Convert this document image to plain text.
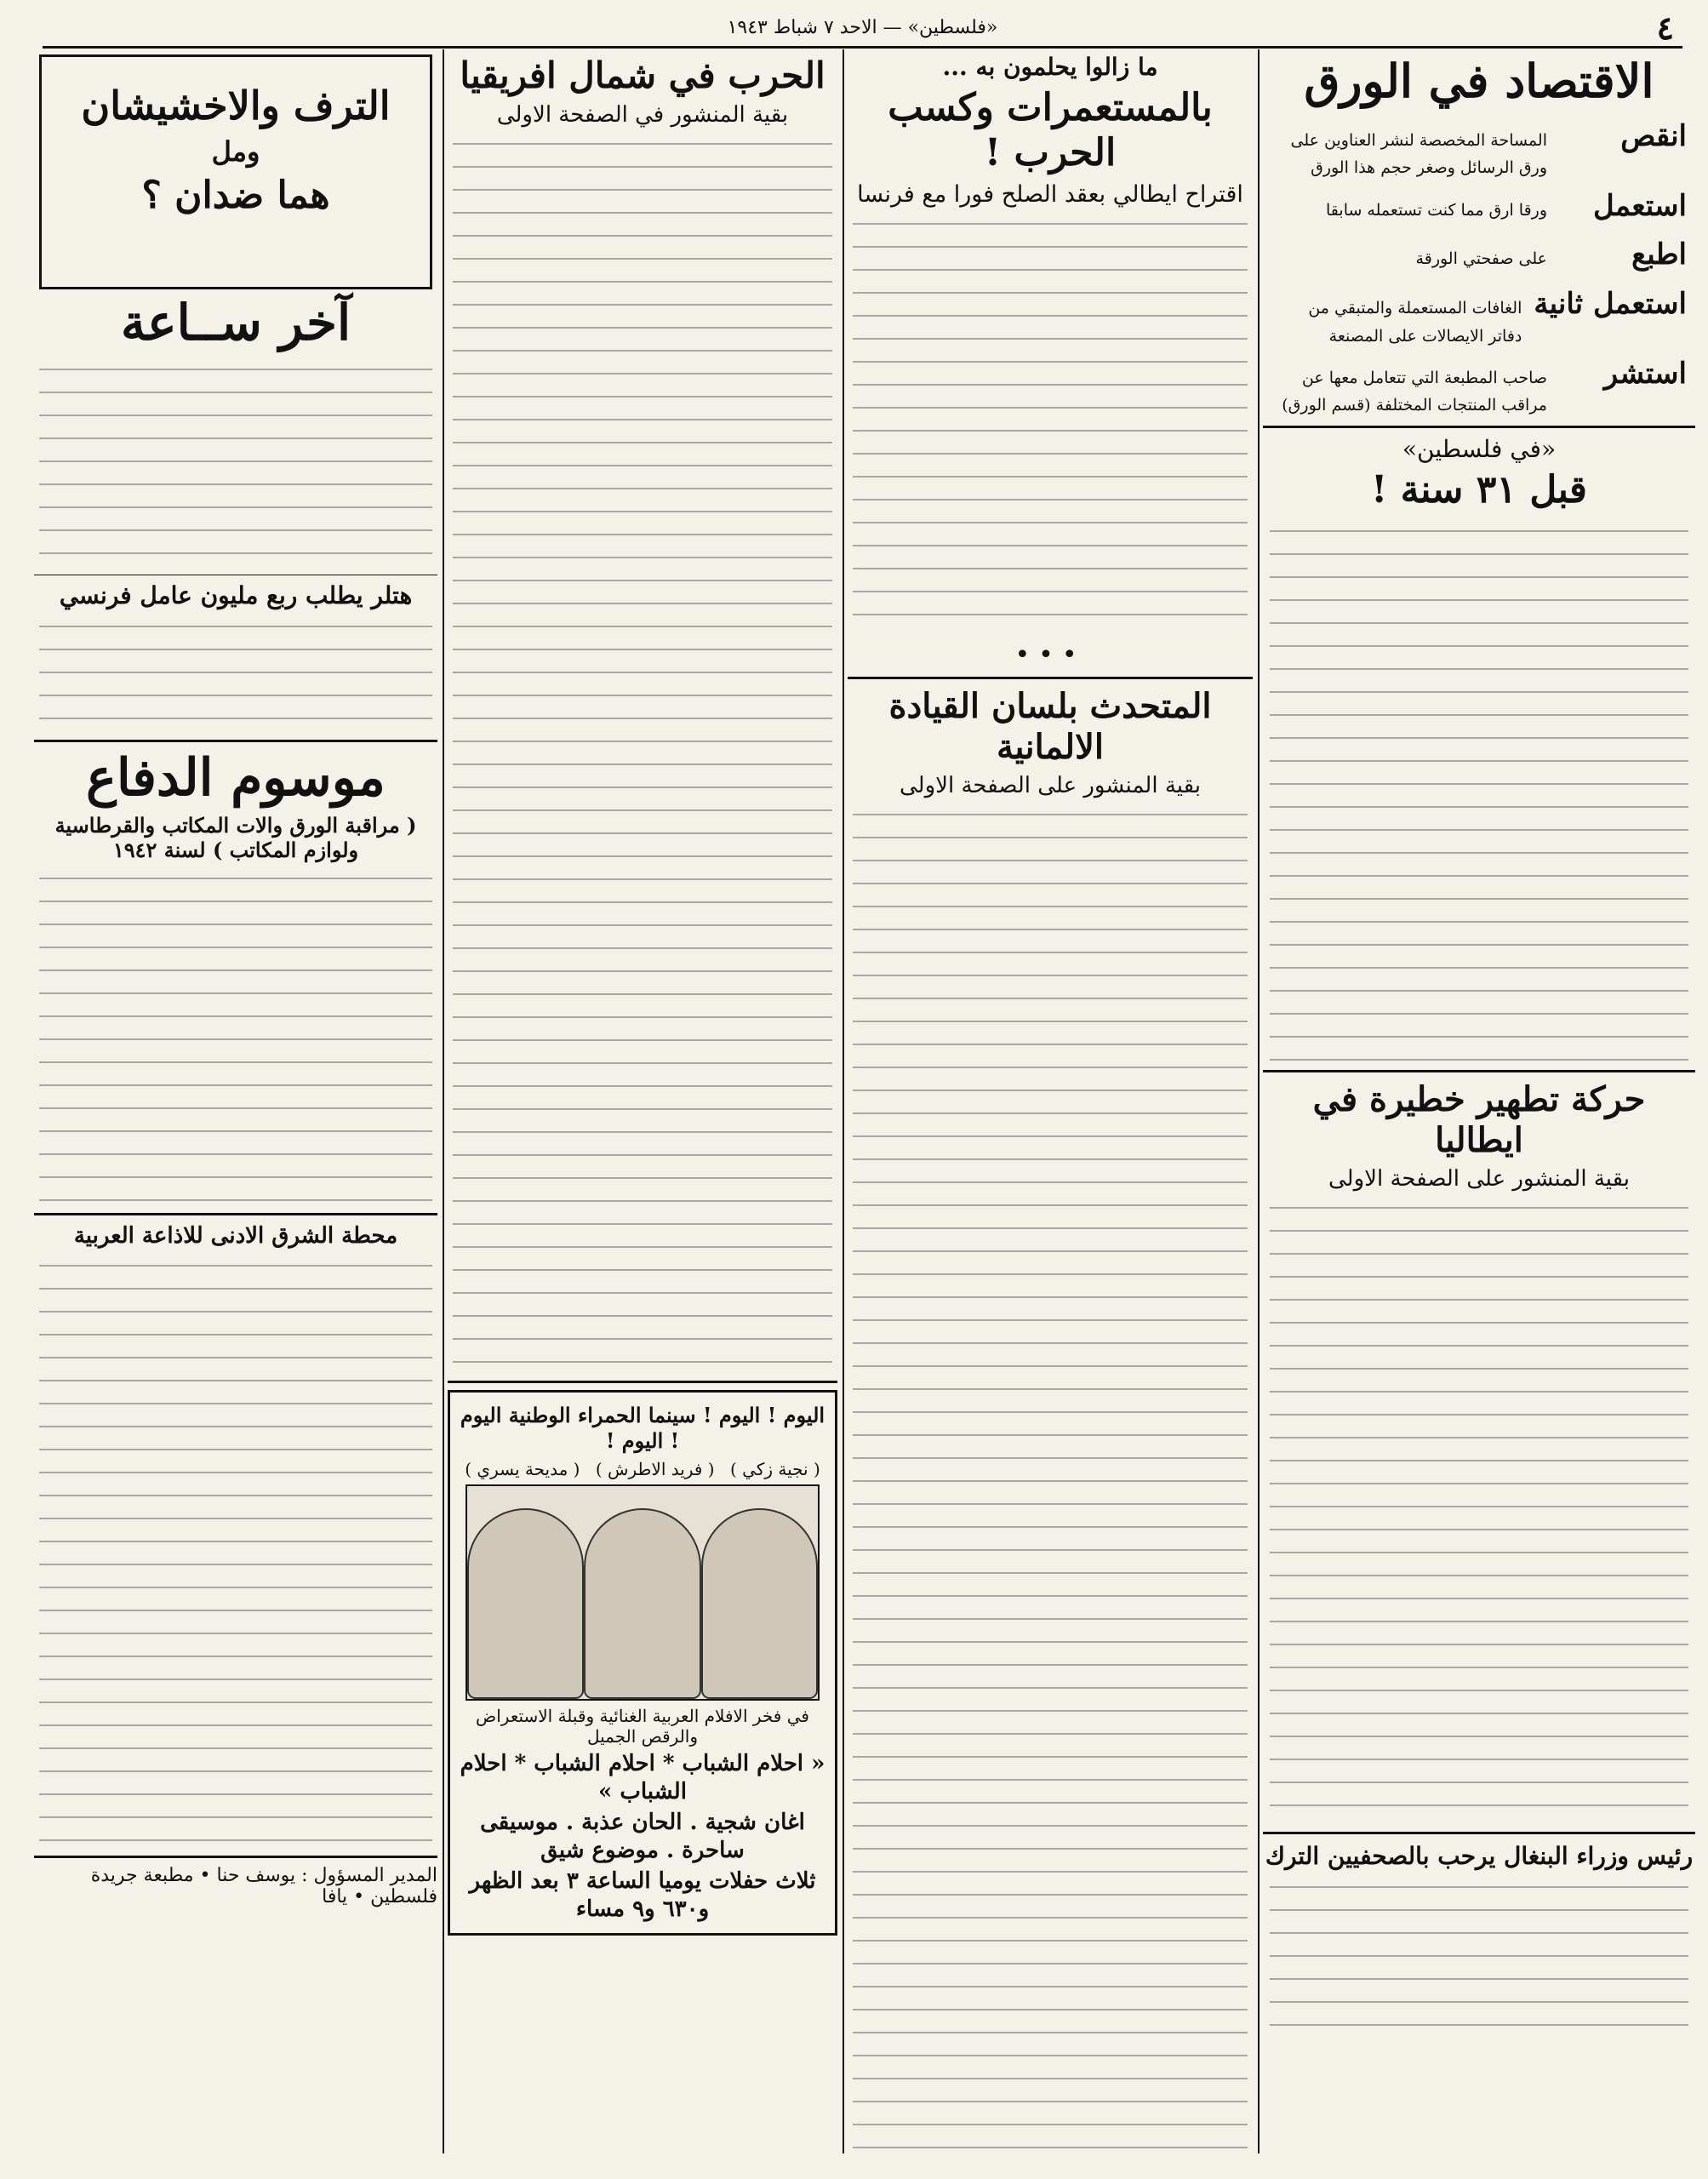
٤
«فلسطين» — الاحد ٧ شباط ١٩٤٣
الاقتصاد في الورق
انقص
المساحة المخصصة لنشر العناوين على ورق الرسائل وصغر حجم هذا الورق
استعمل
ورقا ارق مما كنت تستعمله سابقا
اطبع
على صفحتي الورقة
استعمل ثانية
الغافات المستعملة والمتبقي من دفاتر الايصالات على المصنعة
استشر
صاحب المطبعة التي تتعامل معها عن مراقب المنتجات المختلفة (قسم الورق)
«في فلسطين»
قبل ٣١ سنة !
حركة تطهير خطيرة في ايطاليا
بقية المنشور على الصفحة الاولى
رئيس وزراء البنغال يرحب بالصحفيين الترك
ما زالوا يحلمون به ...
بالمستعمرات وكسب الحرب !
اقتراح ايطالي بعقد الصلح فورا مع فرنسا
•••
المتحدث بلسان القيادة الالمانية
بقية المنشور على الصفحة الاولى
الحرب في شمال افريقيا
بقية المنشور في الصفحة الاولى
اليوم ! اليوم ! سينما الحمراء الوطنية اليوم ! اليوم !
( نجية زكي )
( فريد الاطرش )
( مديحة يسري )
في فخر الافلام العربية الغنائية وقبلة الاستعراض والرقص الجميل
« احلام الشباب * احلام الشباب * احلام الشباب »
اغان شجية . الحان عذبة . موسيقى ساحرة . موضوع شيق
ثلاث حفلات يوميا الساعة ٣ بعد الظهر و٦٣٠ و٩ مساء
الترف والاخشيشان
ومل
هما ضدان ؟
آخر ســاعة
هتلر يطلب ربع مليون عامل فرنسي
موسوم الدفاع
( مراقبة الورق والات المكاتب والقرطاسية ولوازم المكاتب ) لسنة ١٩٤٢
محطة الشرق الادنى للاذاعة العربية
المدير المسؤول : يوسف حنا • مطبعة جريدة فلسطين • يافا
